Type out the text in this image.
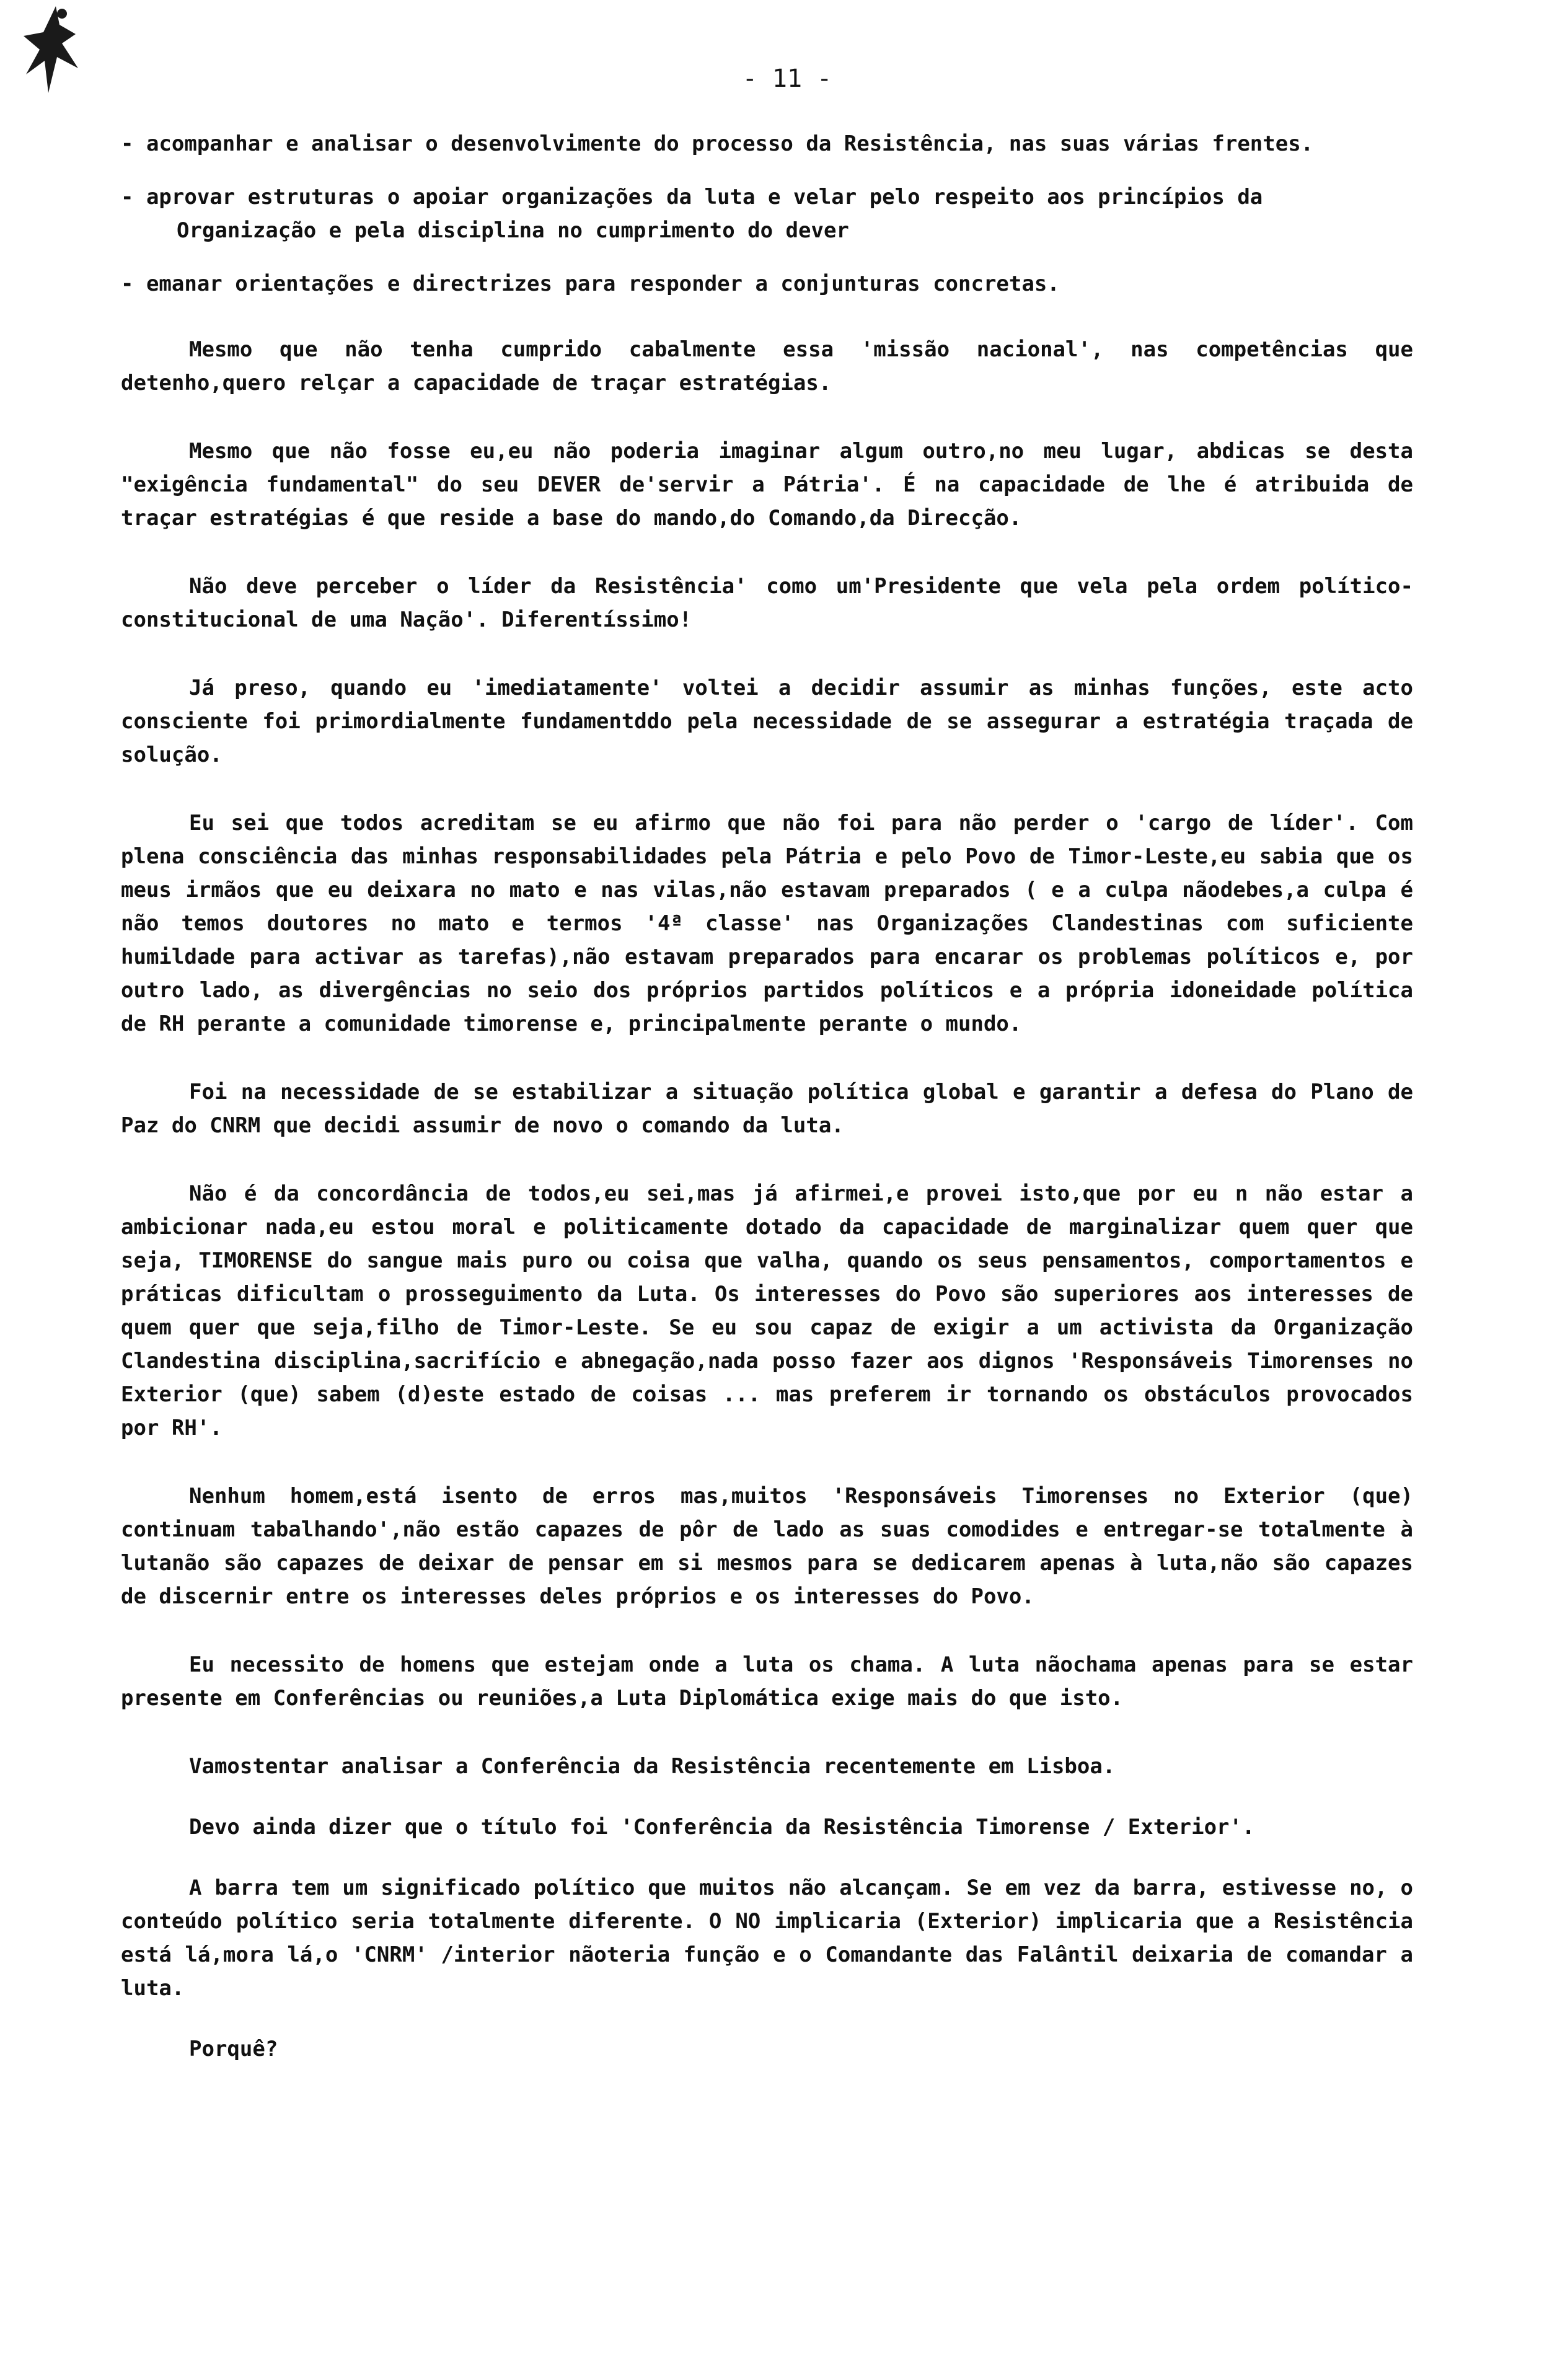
- 11 -
- acompanhar e analisar o desenvolvimente do processo da Resistência, nas suas várias frentes.
- aprovar estruturas o apoiar organizações da luta e velar pelo respeito aos princípios da Organização e pela disciplina no cumprimento do dever
- emanar orientações e directrizes para responder a conjunturas concretas.

Mesmo que não tenha cumprido cabalmente essa 'missão nacional', nas competências que detenho,quero relçar a capacidade de traçar estratégias.

Mesmo que não fosse eu,eu não poderia imaginar algum outro,no meu lugar, abdicas se desta "exigência fundamental" do seu DEVER de'servir a Pátria'. É na capacidade de lhe é atribuida de traçar estratégias é que reside a base do mando,do Comando,da Direcção.

Não deve perceber o líder da Resistência' como um'Presidente que vela pela ordem político-constitucional de uma Nação'. Diferentíssimo!

Já preso, quando eu 'imediatamente' voltei a decidir assumir as minhas funções, este acto consciente foi primordialmente fundamentddo pela necessidade de se assegurar a estratégia traçada de solução.

Eu sei que todos acreditam se eu afirmo que não foi para não perder o 'cargo de líder'. Com plena consciência das minhas responsabilidades pela Pátria e pelo Povo de Timor-Leste,eu sabia que os meus irmãos que eu deixara no mato e nas vilas,não estavam preparados ( e a culpa nãodebes,a culpa é não temos doutores no mato e termos '4ª classe' nas Organizações Clandestinas com suficiente humildade para activar as tarefas),não estavam preparados para encarar os problemas políticos e, por outro lado, as divergências no seio dos próprios partidos políticos e a própria idoneidade política de RH perante a comunidade timorense e, principalmente perante o mundo.

Foi na necessidade de se estabilizar a situação política global e garantir a defesa do Plano de Paz do CNRM que decidi assumir de novo o comando da luta.

Não é da concordância de todos,eu sei,mas já afirmei,e provei isto,que por eu n não estar a ambicionar nada,eu estou moral e politicamente dotado da capacidade de marginalizar quem quer que seja, TIMORENSE do sangue mais puro ou coisa que valha, quando os seus pensamentos, comportamentos e práticas dificultam o prosseguimento da Luta. Os interesses do Povo são superiores aos interesses de quem quer que seja,filho de Timor-Leste. Se eu sou capaz de exigir a um activista da Organização Clandestina disciplina,sacrifício e abnegação,nada posso fazer aos dignos 'Responsáveis Timorenses no Exterior (que) sabem (d)este estado de coisas ... mas preferem ir tornando os obstáculos provocados por RH'.

Nenhum homem,está isento de erros mas,muitos 'Responsáveis Timorenses no Exterior (que) continuam tabalhando',não estão capazes de pôr de lado as suas comodides e entregar-se totalmente à lutanão são capazes de deixar de pensar em si mesmos para se dedicarem apenas à luta,não são capazes de discernir entre os interesses deles próprios e os interesses do Povo.

Eu necessito de homens que estejam onde a luta os chama. A luta nãochama apenas para se estar presente em Conferências ou reuniões,a Luta Diplomática exige mais do que isto.

Vamostentar analisar a Conferência da Resistência recentemente em Lisboa.

Devo ainda dizer que o título foi 'Conferência da Resistência Timorense / Exterior'.

A barra tem um significado político que muitos não alcançam. Se em vez da barra, estivesse no, o conteúdo político seria totalmente diferente. O NO implicaria (Exterior) implicaria que a Resistência está lá,mora lá,o 'CNRM' /interior nãoteria função e o Comandante das Falântil deixaria de comandar a luta.

Porquê?
